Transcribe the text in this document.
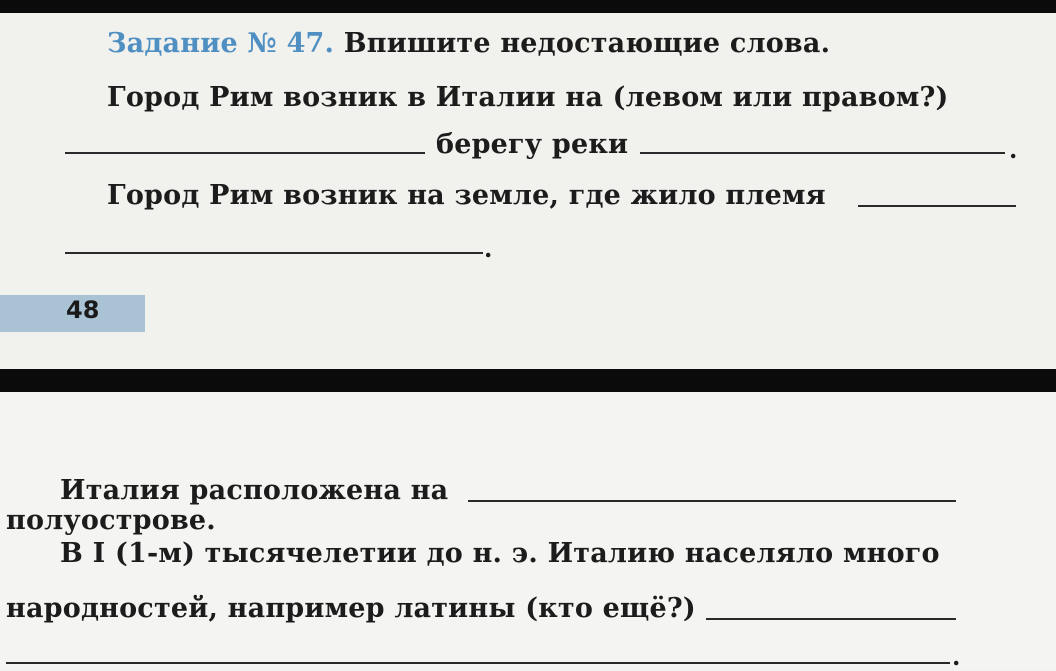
Задание № 47. Впишите недостающие слова.
Город Рим возник в Италии на (левом или правом?)
берегу реки	.
Город Рим возник на земле, где жило племя
.
48
Италия расположена на
полуострове.
В I (1-м) тысячелетии до н. э. Италию населяло много
народностей, например латины (кто ещё?)
.
